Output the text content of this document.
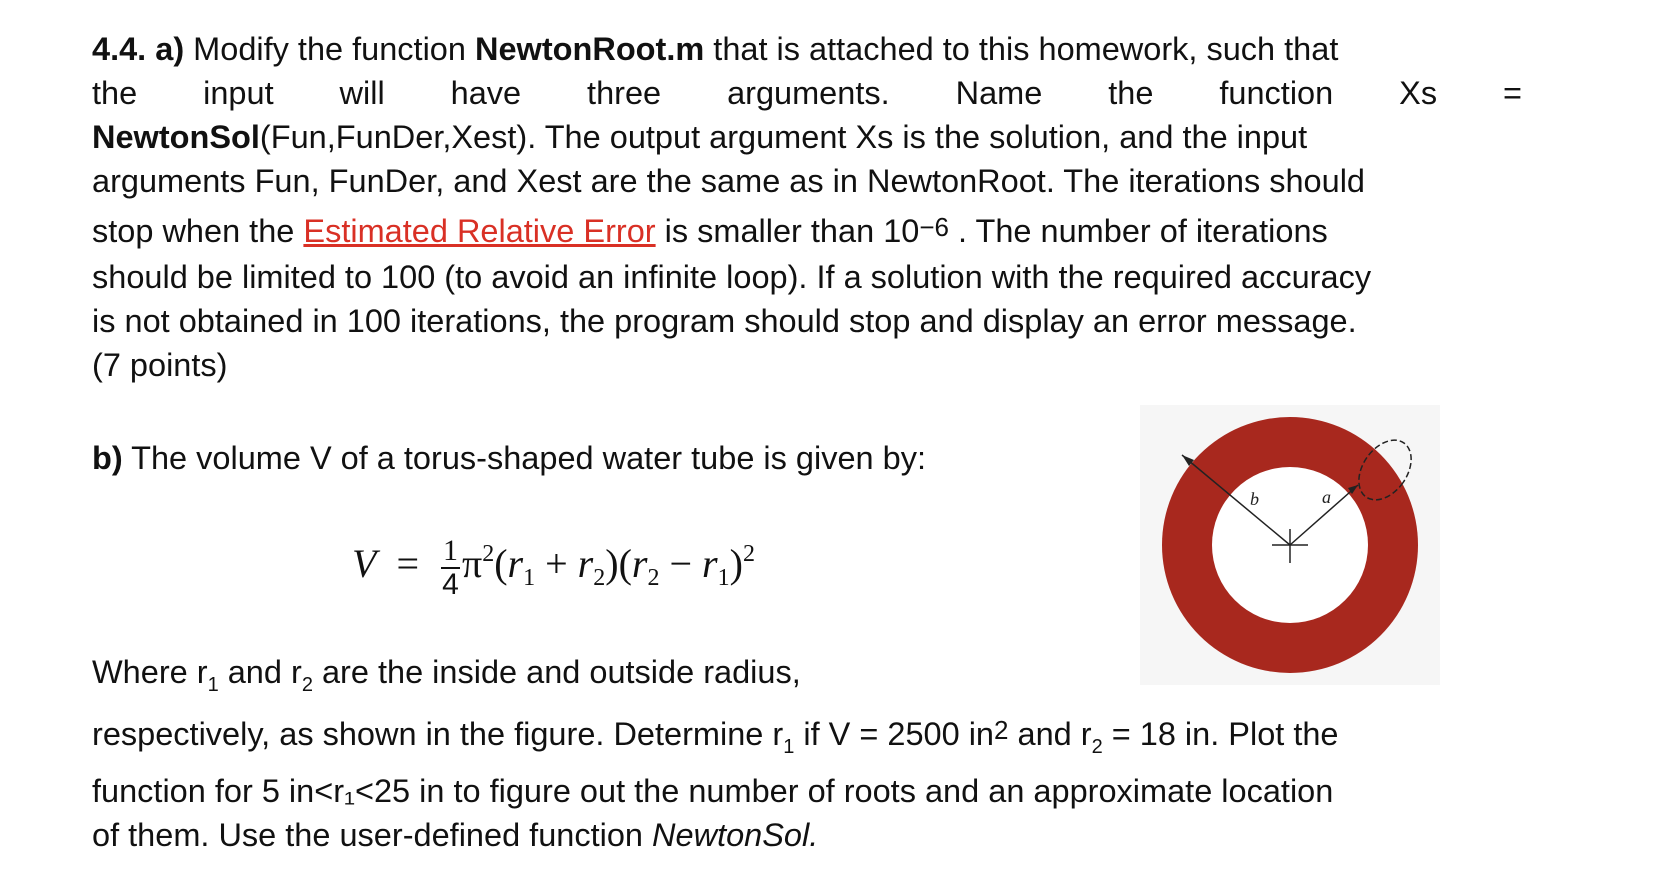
4.4. a) Modify the function NewtonRoot.m that is attached to this homework, such that
the input will have three arguments. Name the function Xs =
NewtonSol(Fun,FunDer,Xest). The output argument Xs is the solution, and the input
arguments Fun, FunDer, and Xest are the same as in NewtonRoot. The iterations should
stop when the Estimated Relative Error is smaller than $10^{-6}$ . The number of iterations
should be limited to 100 (to avoid an infinite loop). If a solution with the required accuracy
is not obtained in 100 iterations, the program should stop and display an error message.
(7 points)
b) The volume V of a torus-shaped water tube is given by:
$V = \frac{1}{4} \pi^2(r_1 + r_2)(r_2 - r_1)^2$
Where $r_1$ and $r_2$ are the inside and outside radius,
respectively, as shown in the figure. Determine $r_1$ if V = 2500 $in^2$ and $r_2 = 18$ in. Plot the
function for 5 in<r₁<25 in to figure out the number of roots and an approximate location
of them. Use the user-defined function NewtonSol.
b	a
